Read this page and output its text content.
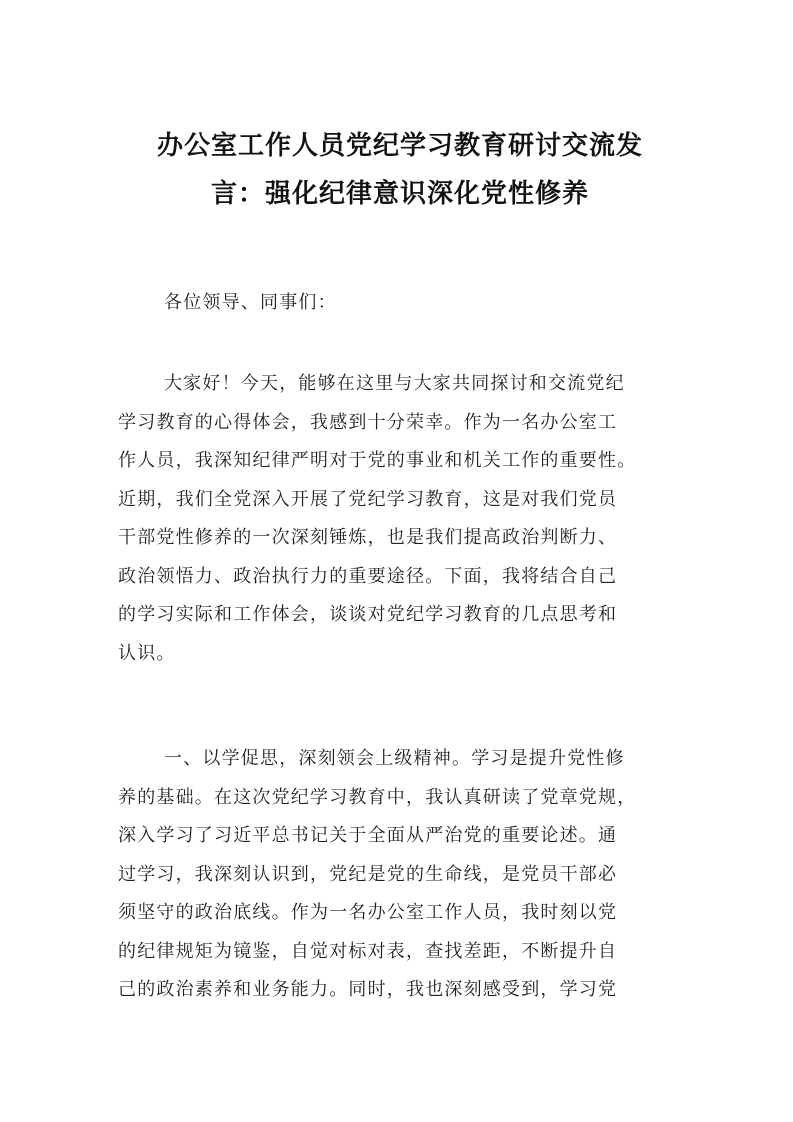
办公室工作人员党纪学习教育研讨交流发
言：强化纪律意识深化党性修养

各位领导、同事们：

大家好！今天，能够在这里与大家共同探讨和交流党纪
学习教育的心得体会，我感到十分荣幸。作为一名办公室工
作人员，我深知纪律严明对于党的事业和机关工作的重要性。
近期，我们全党深入开展了党纪学习教育，这是对我们党员
干部党性修养的一次深刻锤炼，也是我们提高政治判断力、
政治领悟力、政治执行力的重要途径。下面，我将结合自己
的学习实际和工作体会，谈谈对党纪学习教育的几点思考和
认识。

一、以学促思，深刻领会上级精神。学习是提升党性修
养的基础。在这次党纪学习教育中，我认真研读了党章党规，
深入学习了习近平总书记关于全面从严治党的重要论述。通
过学习，我深刻认识到，党纪是党的生命线，是党员干部必
须坚守的政治底线。作为一名办公室工作人员，我时刻以党
的纪律规矩为镜鉴，自觉对标对表，查找差距，不断提升自
己的政治素养和业务能力。同时，我也深刻感受到，学习党
